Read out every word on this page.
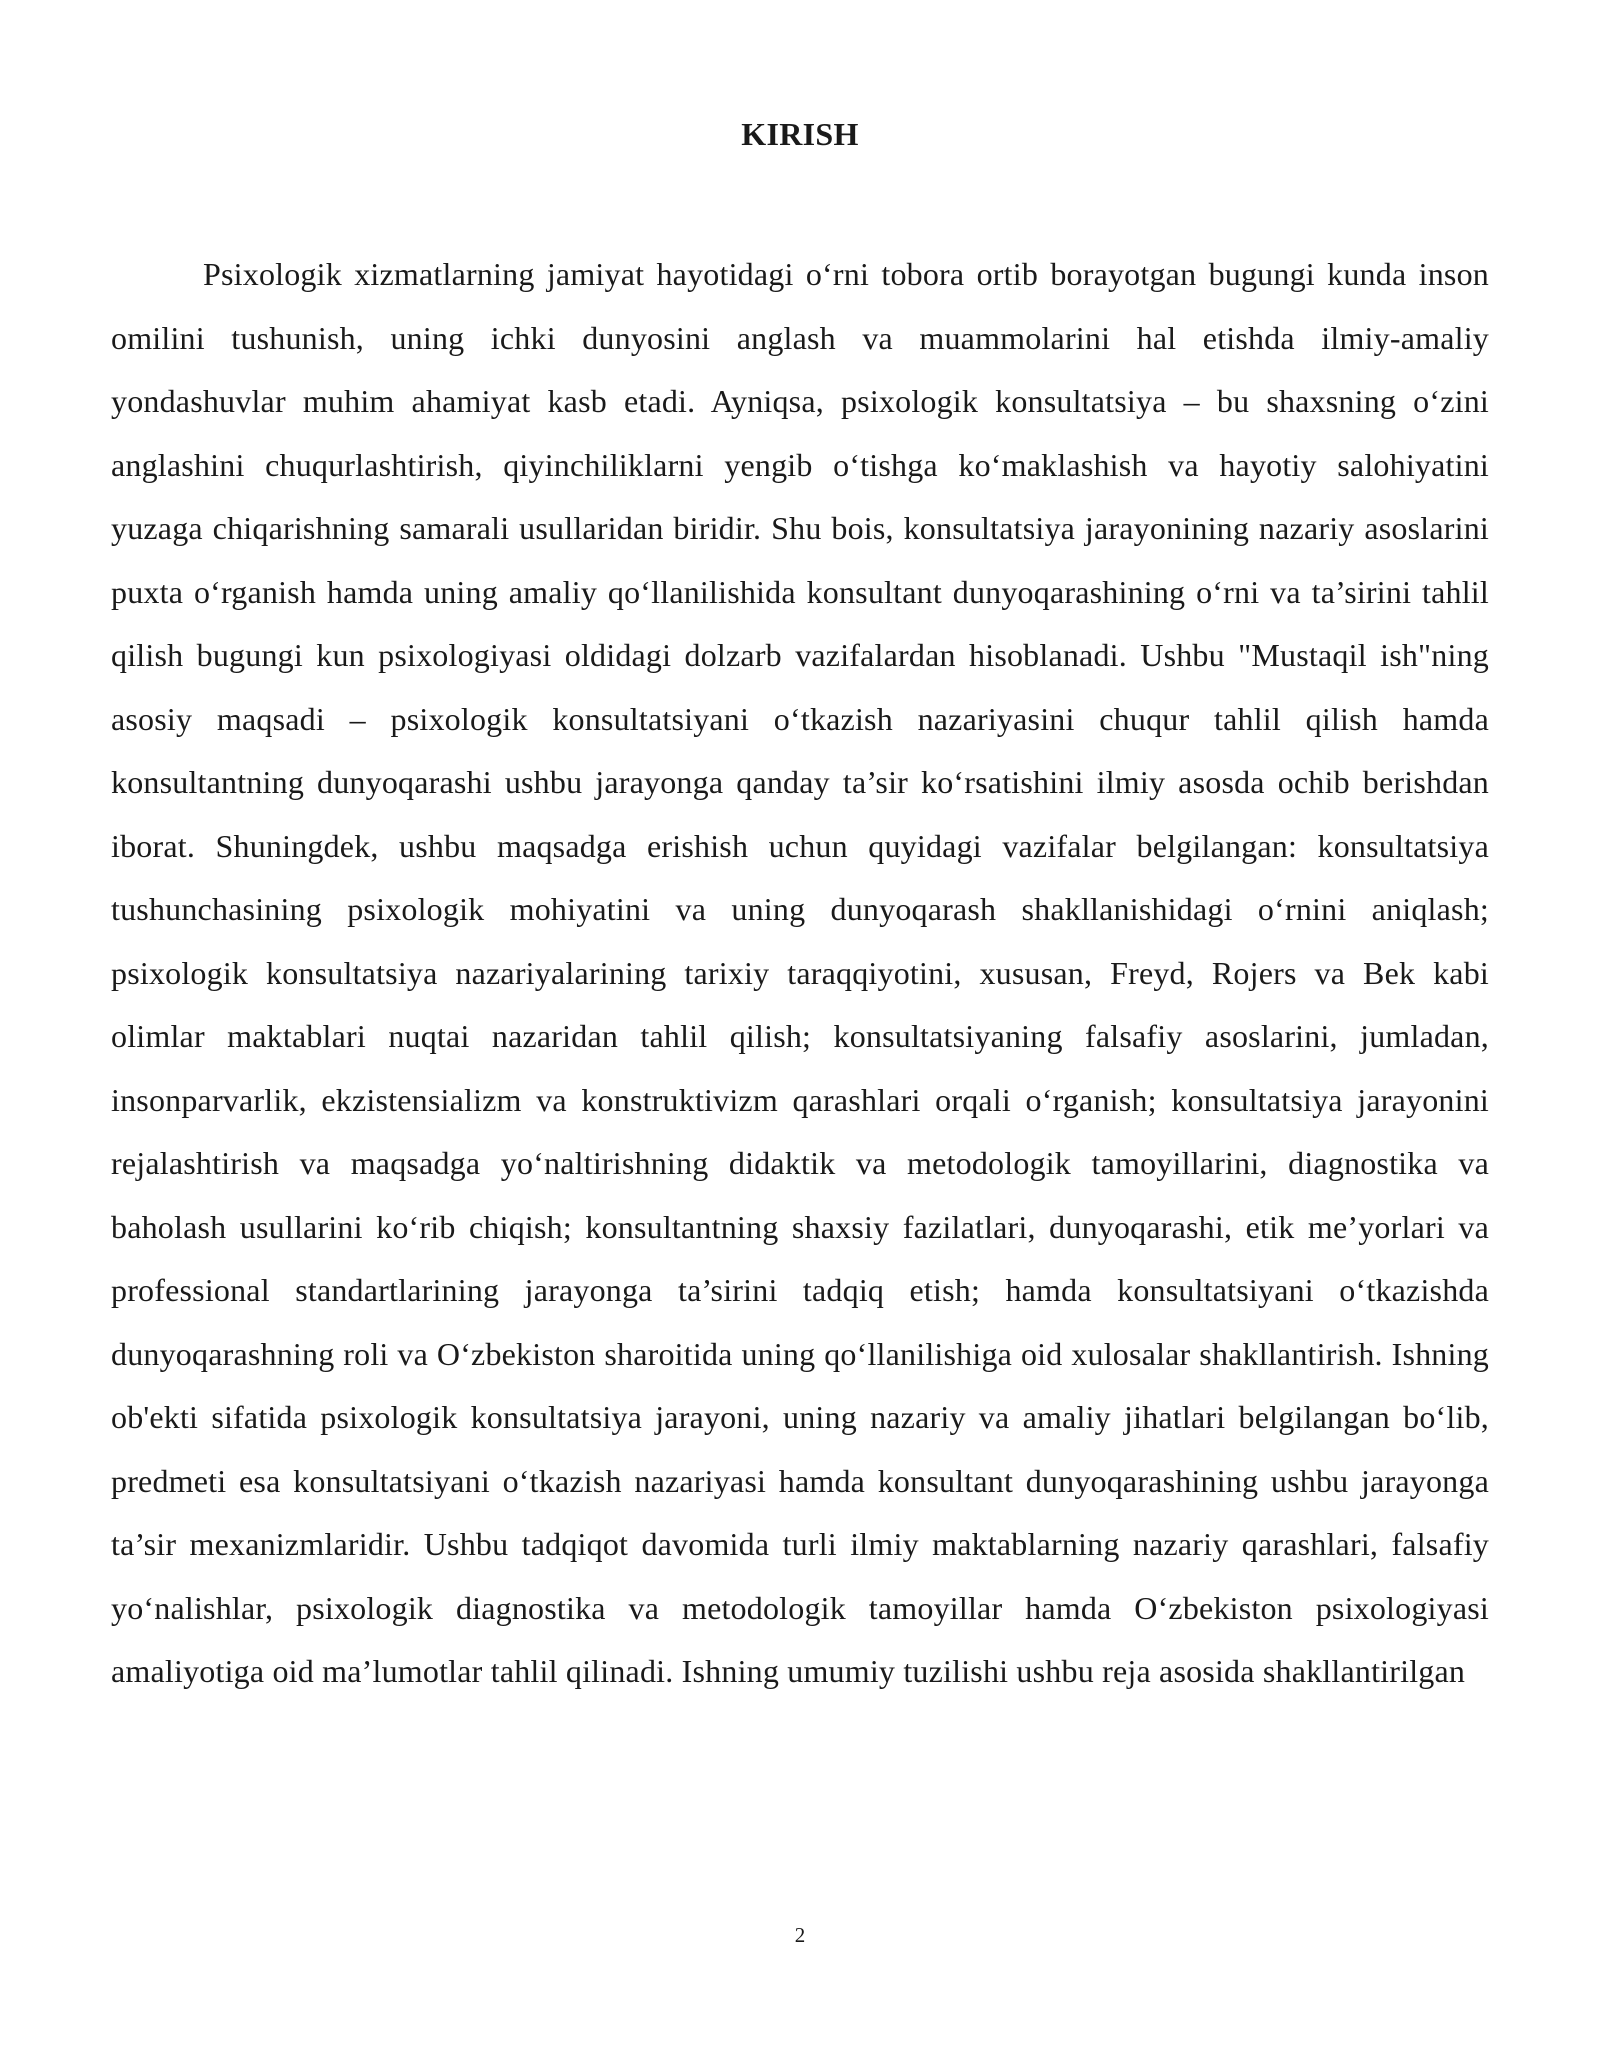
KIRISH

Psixologik xizmatlarning jamiyat hayotidagi o‘rni tobora ortib borayotgan bugungi kunda inson omilini tushunish, uning ichki dunyosini anglash va muammolarini hal etishda ilmiy-amaliy yondashuvlar muhim ahamiyat kasb etadi. Ayniqsa, psixologik konsultatsiya – bu shaxsning o‘zini anglashini chuqurlashtirish, qiyinchiliklarni yengib o‘tishga ko‘maklashish va hayotiy salohiyatini yuzaga chiqarishning samarali usullaridan biridir. Shu bois, konsultatsiya jarayonining nazariy asoslarini puxta o‘rganish hamda uning amaliy qo‘llanilishida konsultant dunyoqarashining o‘rni va ta’sirini tahlil qilish bugungi kun psixologiyasi oldidagi dolzarb vazifalardan hisoblanadi. Ushbu "Mustaqil ish"ning asosiy maqsadi – psixologik konsultatsiyani o‘tkazish nazariyasini chuqur tahlil qilish hamda konsultantning dunyoqarashi ushbu jarayonga qanday ta’sir ko‘rsatishini ilmiy asosda ochib berishdan iborat. Shuningdek, ushbu maqsadga erishish uchun quyidagi vazifalar belgilangan: konsultatsiya tushunchasining psixologik mohiyatini va uning dunyoqarash shakllanishidagi o‘rnini aniqlash; psixologik konsultatsiya nazariyalarining tarixiy taraqqiyotini, xususan, Freyd, Rojers va Bek kabi olimlar maktablari nuqtai nazaridan tahlil qilish; konsultatsiyaning falsafiy asoslarini, jumladan, insonparvarlik, ekzistensializm va konstruktivizm qarashlari orqali o‘rganish; konsultatsiya jarayonini rejalashtirish va maqsadga yo‘naltirishning didaktik va metodologik tamoyillarini, diagnostika va baholash usullarini ko‘rib chiqish; konsultantning shaxsiy fazilatlari, dunyoqarashi, etik me’yorlari va professional standartlarining jarayonga ta’sirini tadqiq etish; hamda konsultatsiyani o‘tkazishda dunyoqarashning roli va O‘zbekiston sharoitida uning qo‘llanilishiga oid xulosalar shakllantirish. Ishning ob'ekti sifatida psixologik konsultatsiya jarayoni, uning nazariy va amaliy jihatlari belgilangan bo‘lib, predmeti esa konsultatsiyani o‘tkazish nazariyasi hamda konsultant dunyoqarashining ushbu jarayonga ta’sir mexanizmlaridir. Ushbu tadqiqot davomida turli ilmiy maktablarning nazariy qarashlari, falsafiy yo‘nalishlar, psixologik diagnostika va metodologik tamoyillar hamda O‘zbekiston psixologiyasi amaliyotiga oid ma’lumotlar tahlil qilinadi. Ishning umumiy tuzilishi ushbu reja asosida shakllantirilgan

2
